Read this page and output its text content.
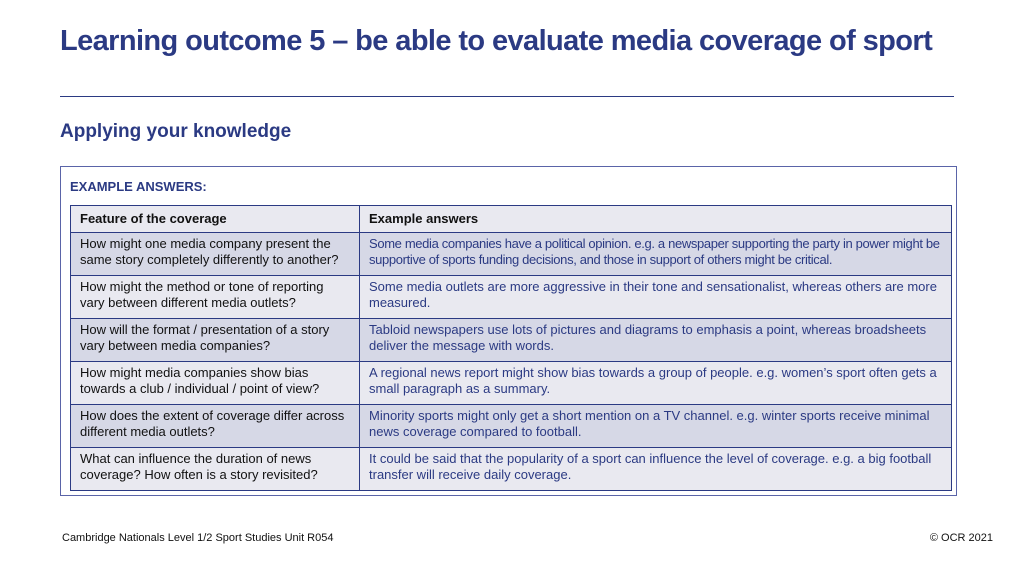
Learning outcome 5 – be able to evaluate media coverage of sport
Applying your knowledge
EXAMPLE ANSWERS:
Feature of the coverage	Example answers
How might one media company present the same story completely differently to another?	Some media companies have a political opinion. e.g. a newspaper supporting the party in power might be supportive of sports funding decisions, and those in support of others might be critical.
How might the method or tone of reporting vary between different media outlets?	Some media outlets are more aggressive in their tone and sensationalist, whereas others are more measured.
How will the format / presentation of a story vary between media companies?	Tabloid newspapers use lots of pictures and diagrams to emphasis a point, whereas broadsheets deliver the message with words.
How might media companies show bias towards a club / individual / point of view?	A regional news report might show bias towards a group of people. e.g. women’s sport often gets a small paragraph as a summary.
How does the extent of coverage differ across different media outlets?	Minority sports might only get a short mention on a TV channel. e.g. winter sports receive minimal news coverage compared to football.
What can influence the duration of news coverage? How often is a story revisited?	It could be said that the popularity of a sport can influence the level of coverage. e.g. a big football transfer will receive daily coverage.
Cambridge Nationals Level 1/2 Sport Studies Unit R054	© OCR 2021
